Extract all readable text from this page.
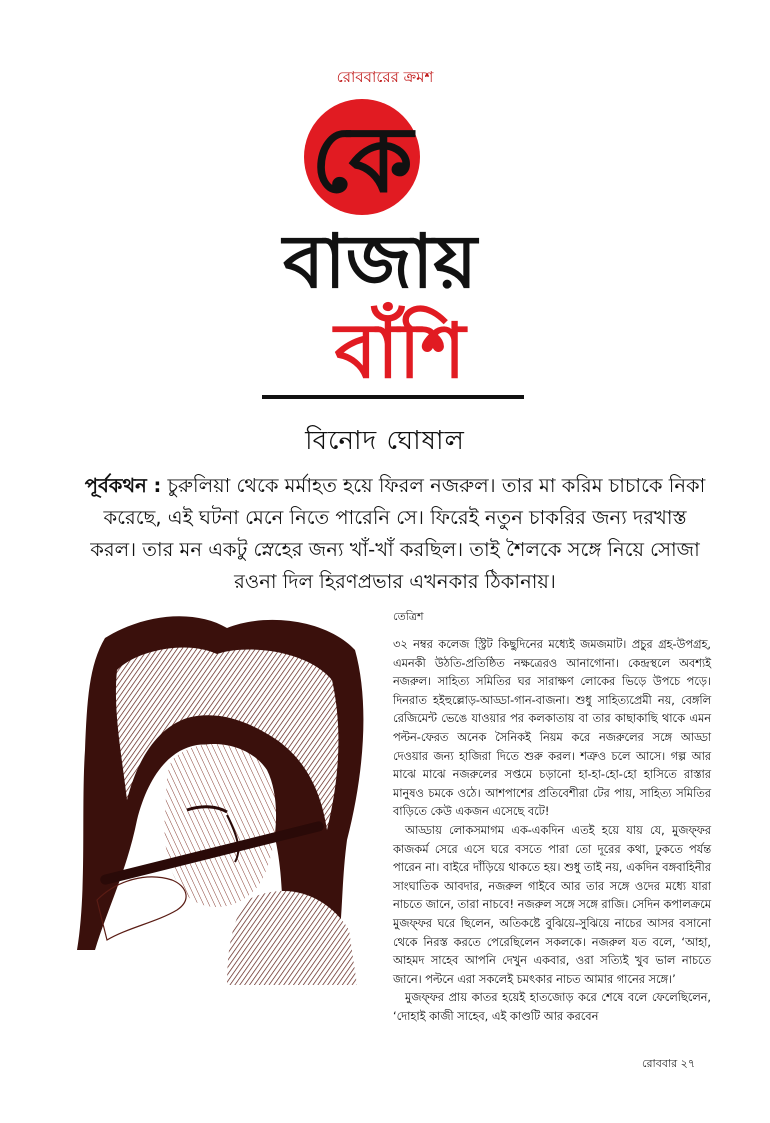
রোববারের ক্রমশ
কে
বাজায়
বাঁশি
বিনোদ ঘোষাল
পূর্বকথন : চুরুলিয়া থেকে মর্মাহত হয়ে ফিরল নজরুল। তার মা করিম চাচাকে নিকা করেছে, এই ঘটনা মেনে নিতে পারেনি সে। ফিরেই নতুন চাকরির জন্য দরখাস্ত করল। তার মন একটু স্নেহের জন্য খাঁ-খাঁ করছিল। তাই শৈলকে সঙ্গে নিয়ে সোজা রওনা দিল হিরণপ্রভার এখনকার ঠিকানায়।
তেত্রিশ

৩২ নম্বর কলেজ স্ট্রিট কিছুদিনের মধ্যেই জমজমাট। প্রচুর গ্রহ-উপগ্রহ, এমনকী উঠতি-প্রতিষ্ঠিত নক্ষত্রেরও আনাগোনা। কেন্দ্রস্থলে অবশ্যই নজরুল। সাহিত্য সমিতির ঘর সারাক্ষণ লোকের ভিড়ে উপচে পড়ে। দিনরাত হইহুল্লোড়-আড্ডা-গান-বাজনা। শুধু সাহিত্যপ্রেমী নয়, বেঙ্গলি রেজিমেন্ট ভেঙে যাওয়ার পর কলকাতায় বা তার কাছাকাছি থাকে এমন পল্টন-ফেরত অনেক সৈনিকই নিয়ম করে নজরুলের সঙ্গে আড্ডা দেওয়ার জন্য হাজিরা দিতে শুরু করল। শত্রুও চলে আসে। গল্প আর মাঝে মাঝে নজরুলের সপ্তমে চড়ানো হা-হা-হো-হো হাসিতে রাস্তার মানুষও চমকে ওঠে। আশপাশের প্রতিবেশীরা টের পায়, সাহিত্য সমিতির বাড়িতে কেউ একজন এসেছে বটে!

আড্ডায় লোকসমাগম এক-একদিন এতই হয়ে যায় যে, মুজফ্‌ফর কাজকর্ম সেরে এসে ঘরে বসতে পারা তো দূরের কথা, ঢুকতে পর্যন্ত পারেন না। বাইরে দাঁড়িয়ে থাকতে হয়। শুধু তাই নয়, একদিন বঙ্গবাহিনীর সাংঘাতিক আবদার, নজরুল গাইবে আর তার সঙ্গে ওদের মধ্যে যারা নাচতে জানে, তারা নাচবে! নজরুল সঙ্গে সঙ্গে রাজি। সেদিন কপালক্রমে মুজফ্‌ফর ঘরে ছিলেন, অতিকষ্টে বুঝিয়ে-সুঝিয়ে নাচের আসর বসানো থেকে নিরস্ত করতে পেরেছিলেন সকলকে। নজরুল যত বলে, ‘আহা, আহমদ সাহেব আপনি দেখুন একবার, ওরা সত্যিই খুব ভাল নাচতে জানে। পল্টনে এরা সকলেই চমৎকার নাচত আমার গানের সঙ্গে।’

মুজফ্‌ফর প্রায় কাতর হয়েই হাতজোড় করে শেষে বলে ফেলেছিলেন, ‘দোহাই কাজী সাহেব, এই কাণ্ডটি আর করবেন

রোববার ২৭
